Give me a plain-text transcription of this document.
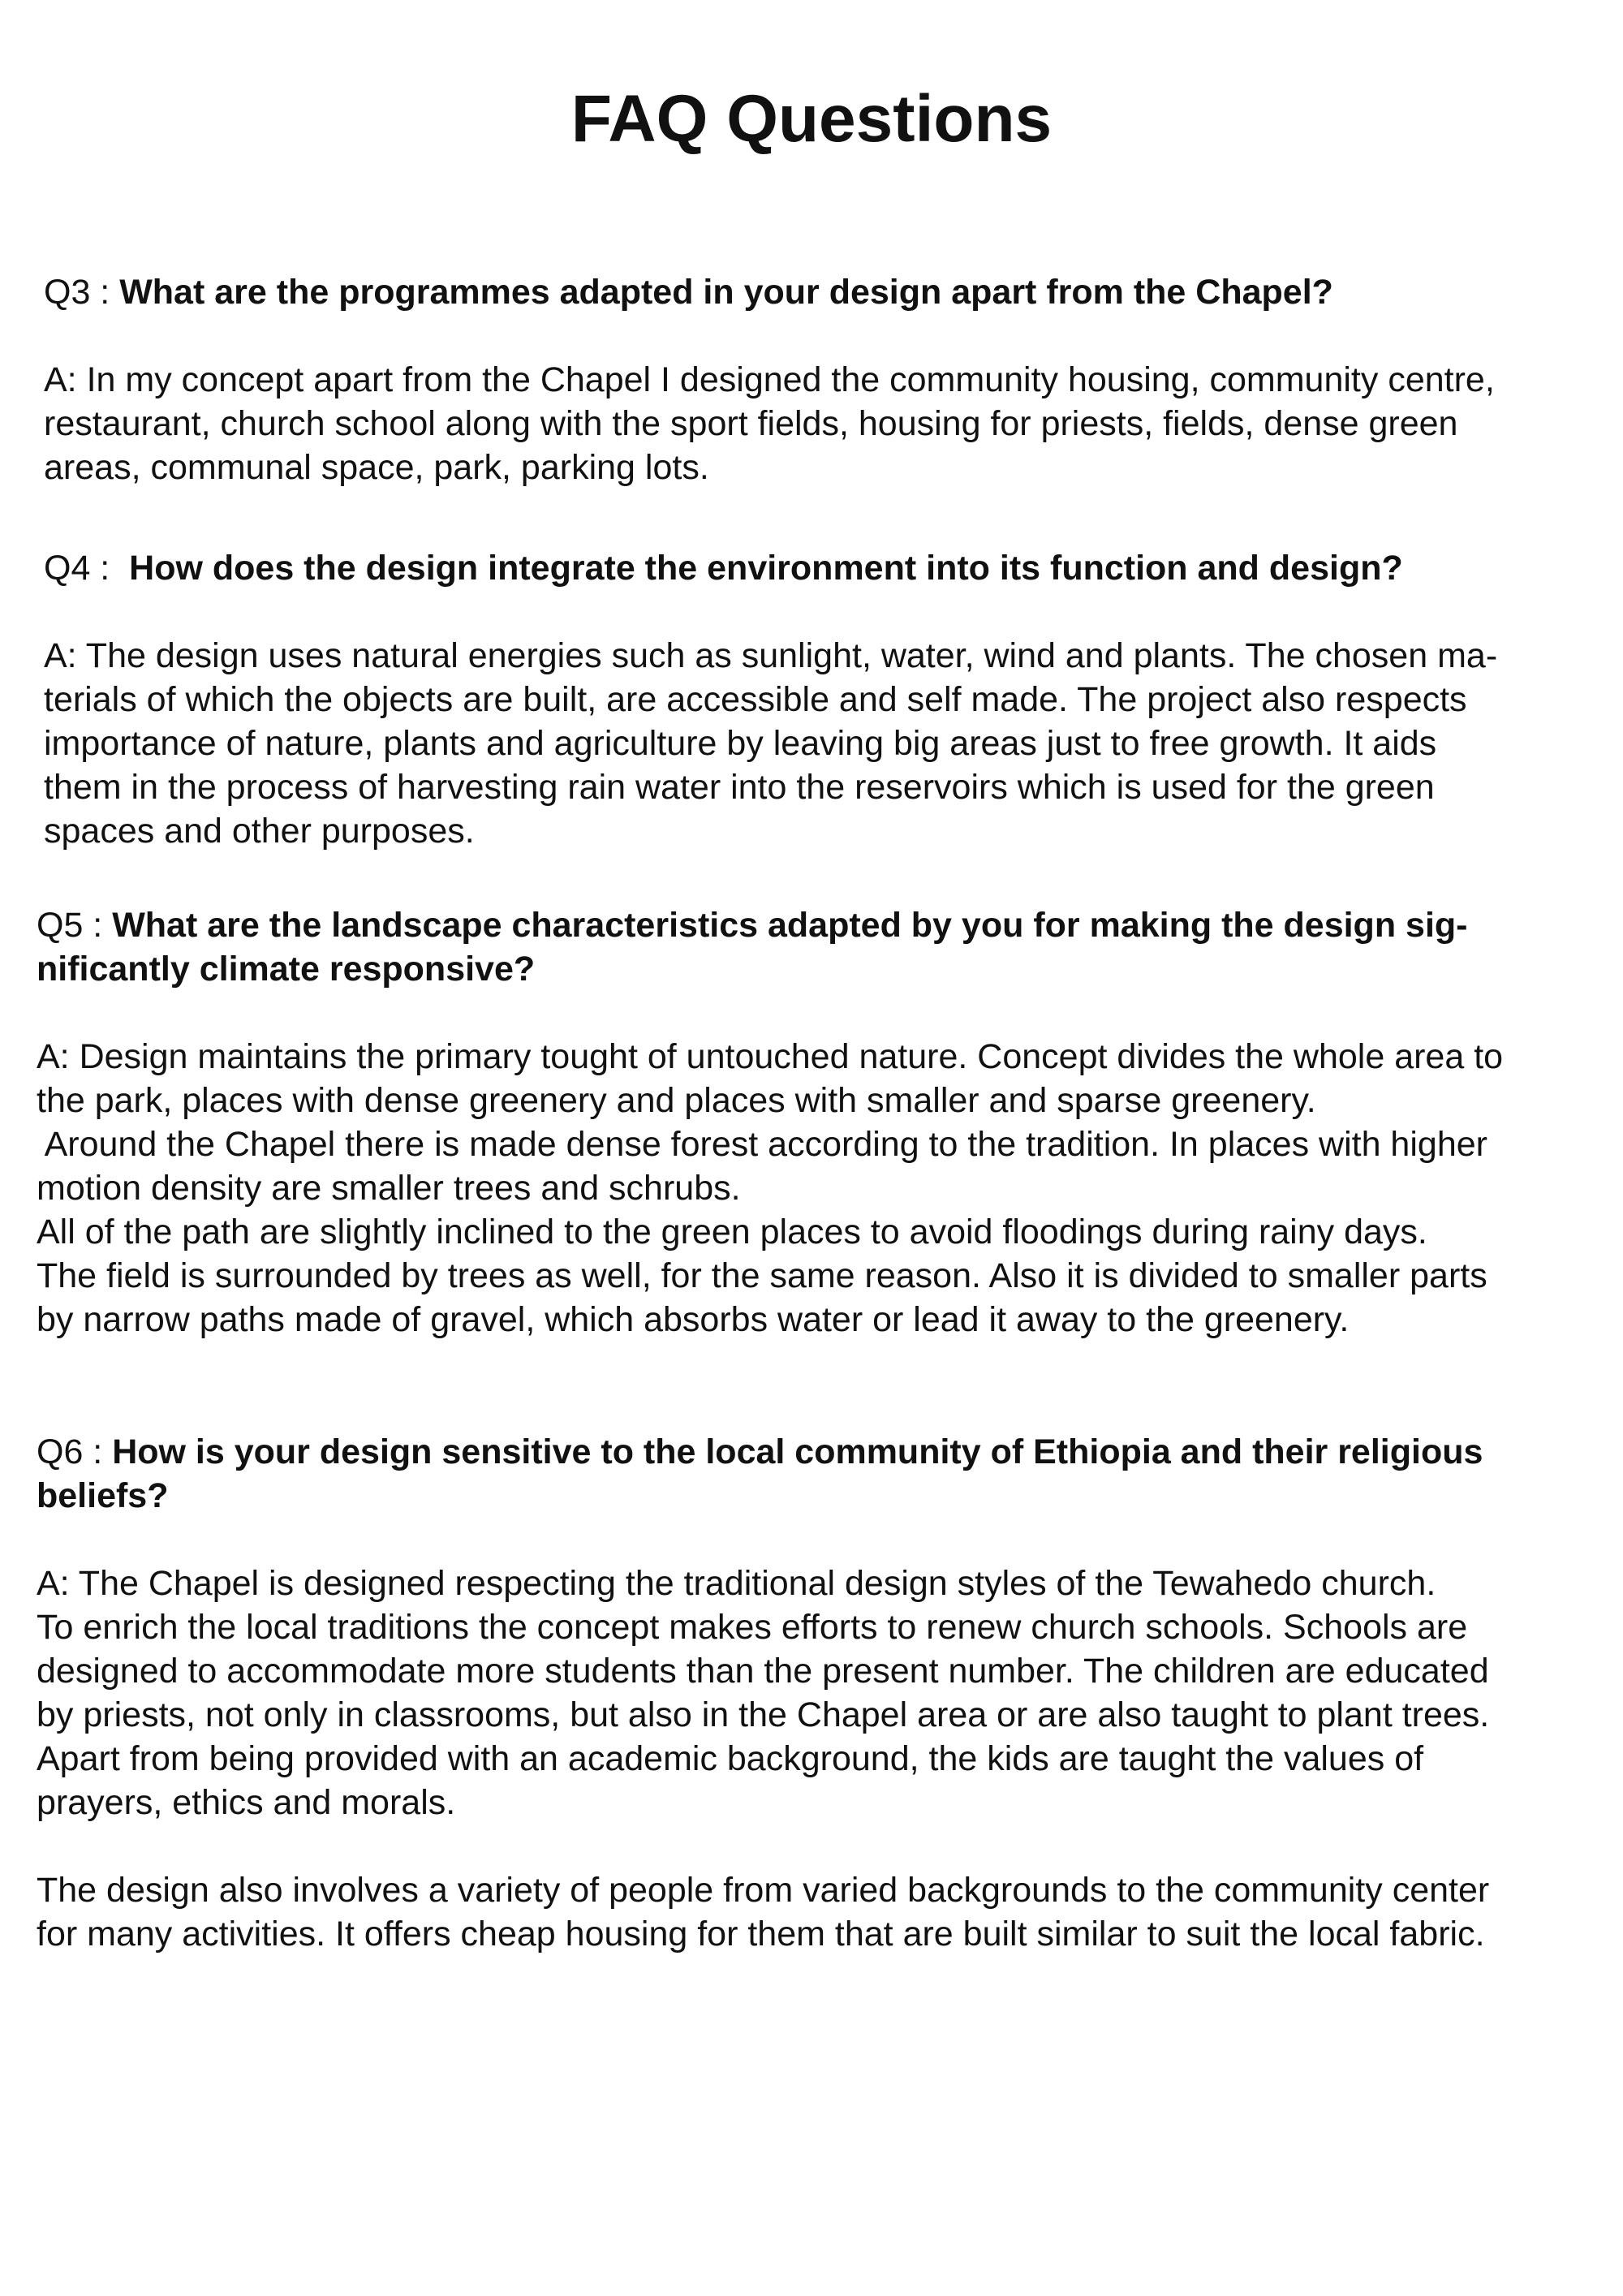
FAQ Questions

Q3 : What are the programmes adapted in your design apart from the Chapel?

A: In my concept apart from the Chapel I designed the community housing, community centre,

restaurant, church school along with the sport fields, housing for priests, fields, dense green

areas, communal space, park, parking lots.

Q4 :  How does the design integrate the environment into its function and design?

A: The design uses natural energies such as sunlight, water, wind and plants. The chosen ma-

terials of which the objects are built, are accessible and self made. The project also respects

importance of nature, plants and agriculture by leaving big areas just to free growth. It aids

them in the process of harvesting rain water into the reservoirs which is used for the green

spaces and other purposes.

Q5 : What are the landscape characteristics adapted by you for making the design sig-

nificantly climate responsive?

A: Design maintains the primary tought of untouched nature. Concept divides the whole area to

the park, places with dense greenery and places with smaller and sparse greenery.

Around the Chapel there is made dense forest according to the tradition. In places with higher

motion density are smaller trees and schrubs.

All of the path are slightly inclined to the green places to avoid floodings during rainy days.

The field is surrounded by trees as well, for the same reason. Also it is divided to smaller parts

by narrow paths made of gravel, which absorbs water or lead it away to the greenery.

Q6 : How is your design sensitive to the local community of Ethiopia and their religious

beliefs?

A: The Chapel is designed respecting the traditional design styles of the Tewahedo church.

To enrich the local traditions the concept makes efforts to renew church schools. Schools are

designed to accommodate more students than the present number. The children are educated

by priests, not only in classrooms, but also in the Chapel area or are also taught to plant trees.

Apart from being provided with an academic background, the kids are taught the values of

prayers, ethics and morals.

The design also involves a variety of people from varied backgrounds to the community center

for many activities. It offers cheap housing for them that are built similar to suit the local fabric.
